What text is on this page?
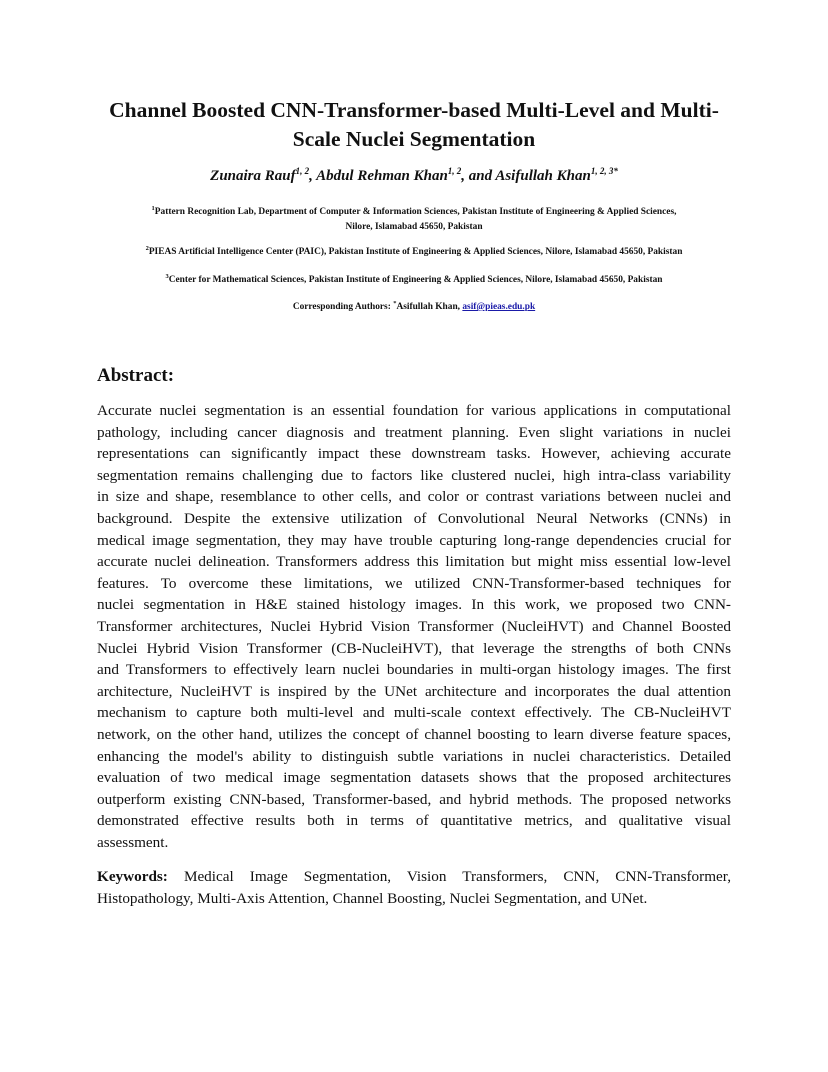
Channel Boosted CNN-Transformer-based Multi-Level and Multi-
Scale Nuclei Segmentation
Zunaira Rauf$^{1, 2}$, Abdul Rehman Khan$^{1, 2}$, and Asifullah Khan$^{1, 2, 3*}$
$^1$Pattern Recognition Lab, Department of Computer & Information Sciences, Pakistan Institute of Engineering & Applied Sciences,
Nilore, Islamabad 45650, Pakistan
$^2$PIEAS Artificial Intelligence Center (PAIC), Pakistan Institute of Engineering & Applied Sciences, Nilore, Islamabad 45650, Pakistan
$^3$Center for Mathematical Sciences, Pakistan Institute of Engineering & Applied Sciences, Nilore, Islamabad 45650, Pakistan
Corresponding Authors: *Asifullah Khan, asif@pieas.edu.pk
Abstract:
Accurate nuclei segmentation is an essential foundation for various applications in computational
pathology, including cancer diagnosis and treatment planning. Even slight variations in nuclei
representations can significantly impact these downstream tasks. However, achieving accurate
segmentation remains challenging due to factors like clustered nuclei, high intra-class variability
in size and shape, resemblance to other cells, and color or contrast variations between nuclei and
background. Despite the extensive utilization of Convolutional Neural Networks (CNNs) in
medical image segmentation, they may have trouble capturing long-range dependencies crucial for
accurate nuclei delineation. Transformers address this limitation but might miss essential low-level
features. To overcome these limitations, we utilized CNN-Transformer-based techniques for
nuclei segmentation in H&E stained histology images. In this work, we proposed two CNN-
Transformer architectures, Nuclei Hybrid Vision Transformer (NucleiHVT) and Channel Boosted
Nuclei Hybrid Vision Transformer (CB-NucleiHVT), that leverage the strengths of both CNNs
and Transformers to effectively learn nuclei boundaries in multi-organ histology images. The first
architecture, NucleiHVT is inspired by the UNet architecture and incorporates the dual attention
mechanism to capture both multi-level and multi-scale context effectively. The CB-NucleiHVT
network, on the other hand, utilizes the concept of channel boosting to learn diverse feature spaces,
enhancing the model's ability to distinguish subtle variations in nuclei characteristics. Detailed
evaluation of two medical image segmentation datasets shows that the proposed architectures
outperform existing CNN-based, Transformer-based, and hybrid methods. The proposed networks
demonstrated effective results both in terms of quantitative metrics, and qualitative visual
assessment.
Keywords: Medical Image Segmentation, Vision Transformers, CNN, CNN-Transformer,
Histopathology, Multi-Axis Attention, Channel Boosting, Nuclei Segmentation, and UNet.
